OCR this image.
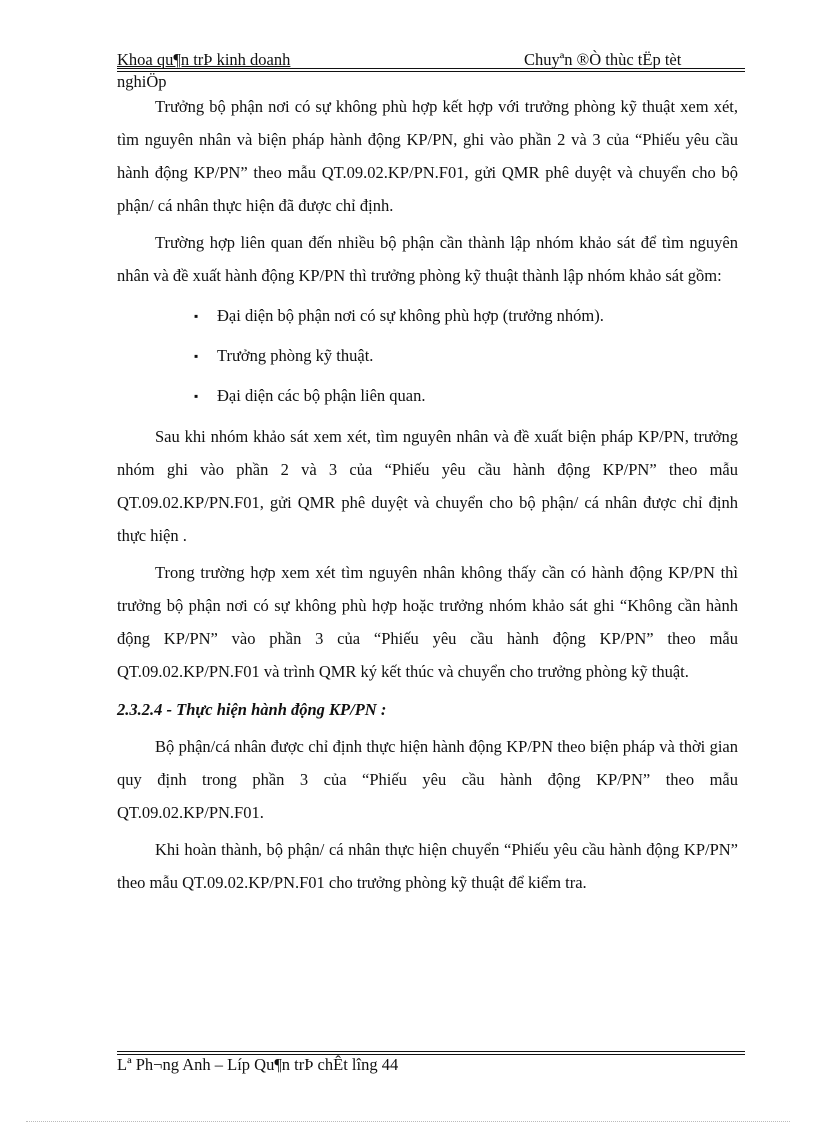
Khoa qu¶n trÞ kinh doanh	Chuyªn ®Ò thùc tËp tèt
nghiÖp

Trưởng bộ phận nơi có sự không phù hợp kết hợp với trưởng phòng kỹ thuật xem xét, tìm nguyên nhân và biện pháp hành động KP/PN, ghi vào phần 2 và 3 của “Phiếu yêu cầu hành động KP/PN” theo mẫu QT.09.02.KP/PN.F01, gửi QMR phê duyệt và chuyển cho bộ phận/ cá nhân thực hiện đã được chỉ định.

Trường hợp liên quan đến nhiều bộ phận cần thành lập nhóm khảo sát để tìm nguyên nhân và đề xuất hành động KP/PN thì trưởng phòng kỹ thuật thành lập nhóm khảo sát gồm:

▪ Đại diện bộ phận nơi có sự không phù hợp (trưởng nhóm).
▪ Trưởng phòng kỹ thuật.
▪ Đại diện các bộ phận liên quan.

Sau khi nhóm khảo sát xem xét, tìm nguyên nhân và đề xuất biện pháp KP/PN, trưởng nhóm ghi vào phần 2 và 3 của “Phiếu yêu cầu hành động KP/PN” theo mẫu QT.09.02.KP/PN.F01, gửi QMR phê duyệt và chuyển cho bộ phận/ cá nhân được chỉ định thực hiện .

Trong trường hợp xem xét tìm nguyên nhân không thấy cần có hành động KP/PN thì trưởng bộ phận nơi có sự không phù hợp hoặc trưởng nhóm khảo sát ghi “Không cần hành động KP/PN” vào phần 3 của “Phiếu yêu cầu hành động KP/PN” theo mẫu QT.09.02.KP/PN.F01 và trình QMR ký kết thúc và chuyển cho trưởng phòng kỹ thuật.

2.3.2.4 - Thực hiện hành động KP/PN :

Bộ phận/cá nhân được chỉ định thực hiện hành động KP/PN theo biện pháp và thời gian quy định trong phần 3 của “Phiếu yêu cầu hành động KP/PN” theo mẫu QT.09.02.KP/PN.F01.

Khi hoàn thành, bộ phận/ cá nhân thực hiện chuyển “Phiếu yêu cầu hành động KP/PN” theo mẫu QT.09.02.KP/PN.F01 cho trưởng phòng kỹ thuật để kiểm tra.

Lª Ph¬ng Anh – Líp Qu¶n trÞ chÊt lîng 44
